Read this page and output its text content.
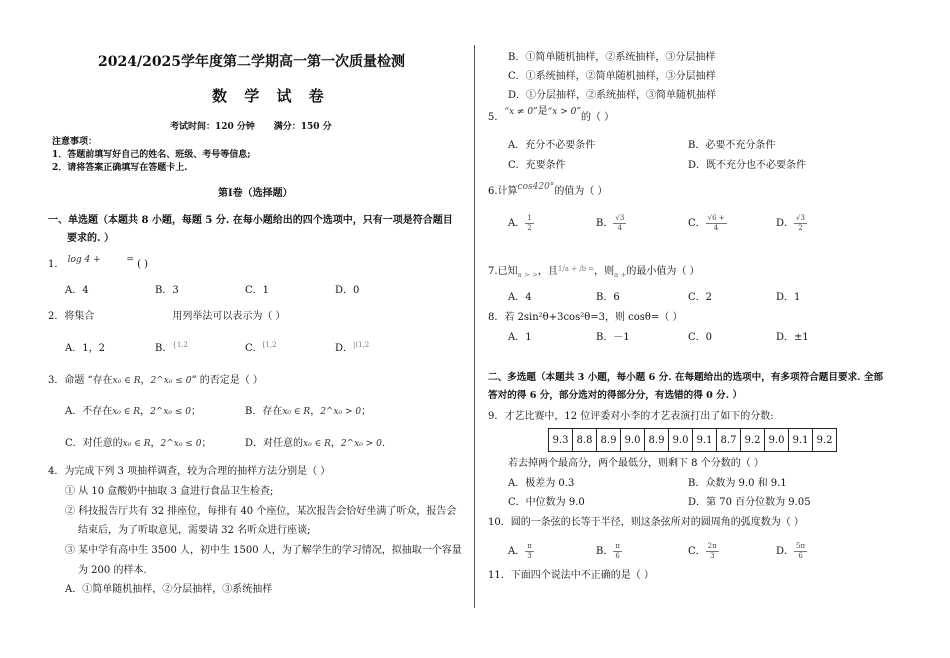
2024/2025学年度第二学期高一第一次质量检测
数 学 试 卷
考试时间：120 分钟 满分：150 分
注意事项：
1．答题前填写好自己的姓名、班级、考号等信息;
2．请将答案正确填写在答题卡上.
第Ⅰ卷（选择题）
一、单选题（本题共 8 小题，每题 5 分. 在每小题给出的四个选项中，只有一项是符合题目
要求的. ）
1． log 4 +	= ( )
A．4	B．3	C．1	D．0
2．将集合	用列举法可以表示为（ ）
A．1，2	B．$^{\{1,2}$	C．$^{[1,2}$	D．$^{|(1,2}$
3．命题 “存在x₀ ∈ R，2^x₀ ≤ 0” 的否定是（ ）
A．不存在x₀ ∈ R，2^x₀ ≤ 0；	B．存在x₀ ∈ R，2^x₀ > 0；
C．对任意的x₀ ∈ R，2^x₀ ≤ 0；	D．对任意的x₀ ∈ R，2^x₀ > 0.
4．为完成下列 3 项抽样调查，较为合理的抽样方法分别是（ ）
① 从 10 盒酸奶中抽取 3 盒进行食品卫生检查;
② 科技报告厅共有 32 排座位，每排有 40 个座位，某次报告会恰好坐满了听众，报告会
结束后，为了听取意见，需要请 32 名听众进行座谈;
③ 某中学有高中生 3500 人，初中生 1500 人，为了解学生的学习情况，拟抽取一个容量
为 200 的样本.
A．①简单随机抽样，②分层抽样，③系统抽样
B．①简单随机抽样，②系统抽样，③分层抽样
C．①系统抽样，②简单随机抽样，③分层抽样
D．①分层抽样，②系统抽样，③简单随机抽样
5．“x ≠ 0”是“x > 0”的（ ）
A．充分不必要条件	B．必要不充分条件
C．充要条件	D．既不充分也不必要条件
6.计算cos420°的值为（ ）
A． $\frac{1}{2}$	B． $\frac{√3}{4}$	C． $\frac{√6 +}{4}$	D． $\frac{√3}{2}$
7.已知$_{a > >}$，且$^{1/a + /b =}$，则$_{a +}$的最小值为（ ）
A．4	B．6	C．2	D．1
8．若 2sin²θ+3cos²θ=3，则 cosθ=（ ）
A．1	B．－1	C．0	D．±1
二、多选题（本题共 3 小题，每小题 6 分. 在每题给出的选项中，有多项符合题目要求. 全部
答对的得 6 分，部分选对的得部分分，有选错的得 0 分. ）
9．才艺比赛中，12 位评委对小李的才艺表演打出了如下的分数:
9.3	8.8	8.9	9.0	8.9	9.0	9.1	8.7	9.2	9.0	9.1	9.2
若去掉两个最高分，两个最低分，则剩下 8 个分数的（ ）
A．极差为 0.3	B．众数为 9.0 和 9.1
C．中位数为 9.0	D．第 70 百分位数为 9.05
10．圆的一条弦的长等于半径，则这条弦所对的圆周角的弧度数为（ ）
A． $\frac{\pi}{3}$	B． $\frac{\pi}{6}$	C． $\frac{2\pi}{3}$	D． $\frac{5\pi}{6}$
11．下面四个说法中不正确的是（ ）
